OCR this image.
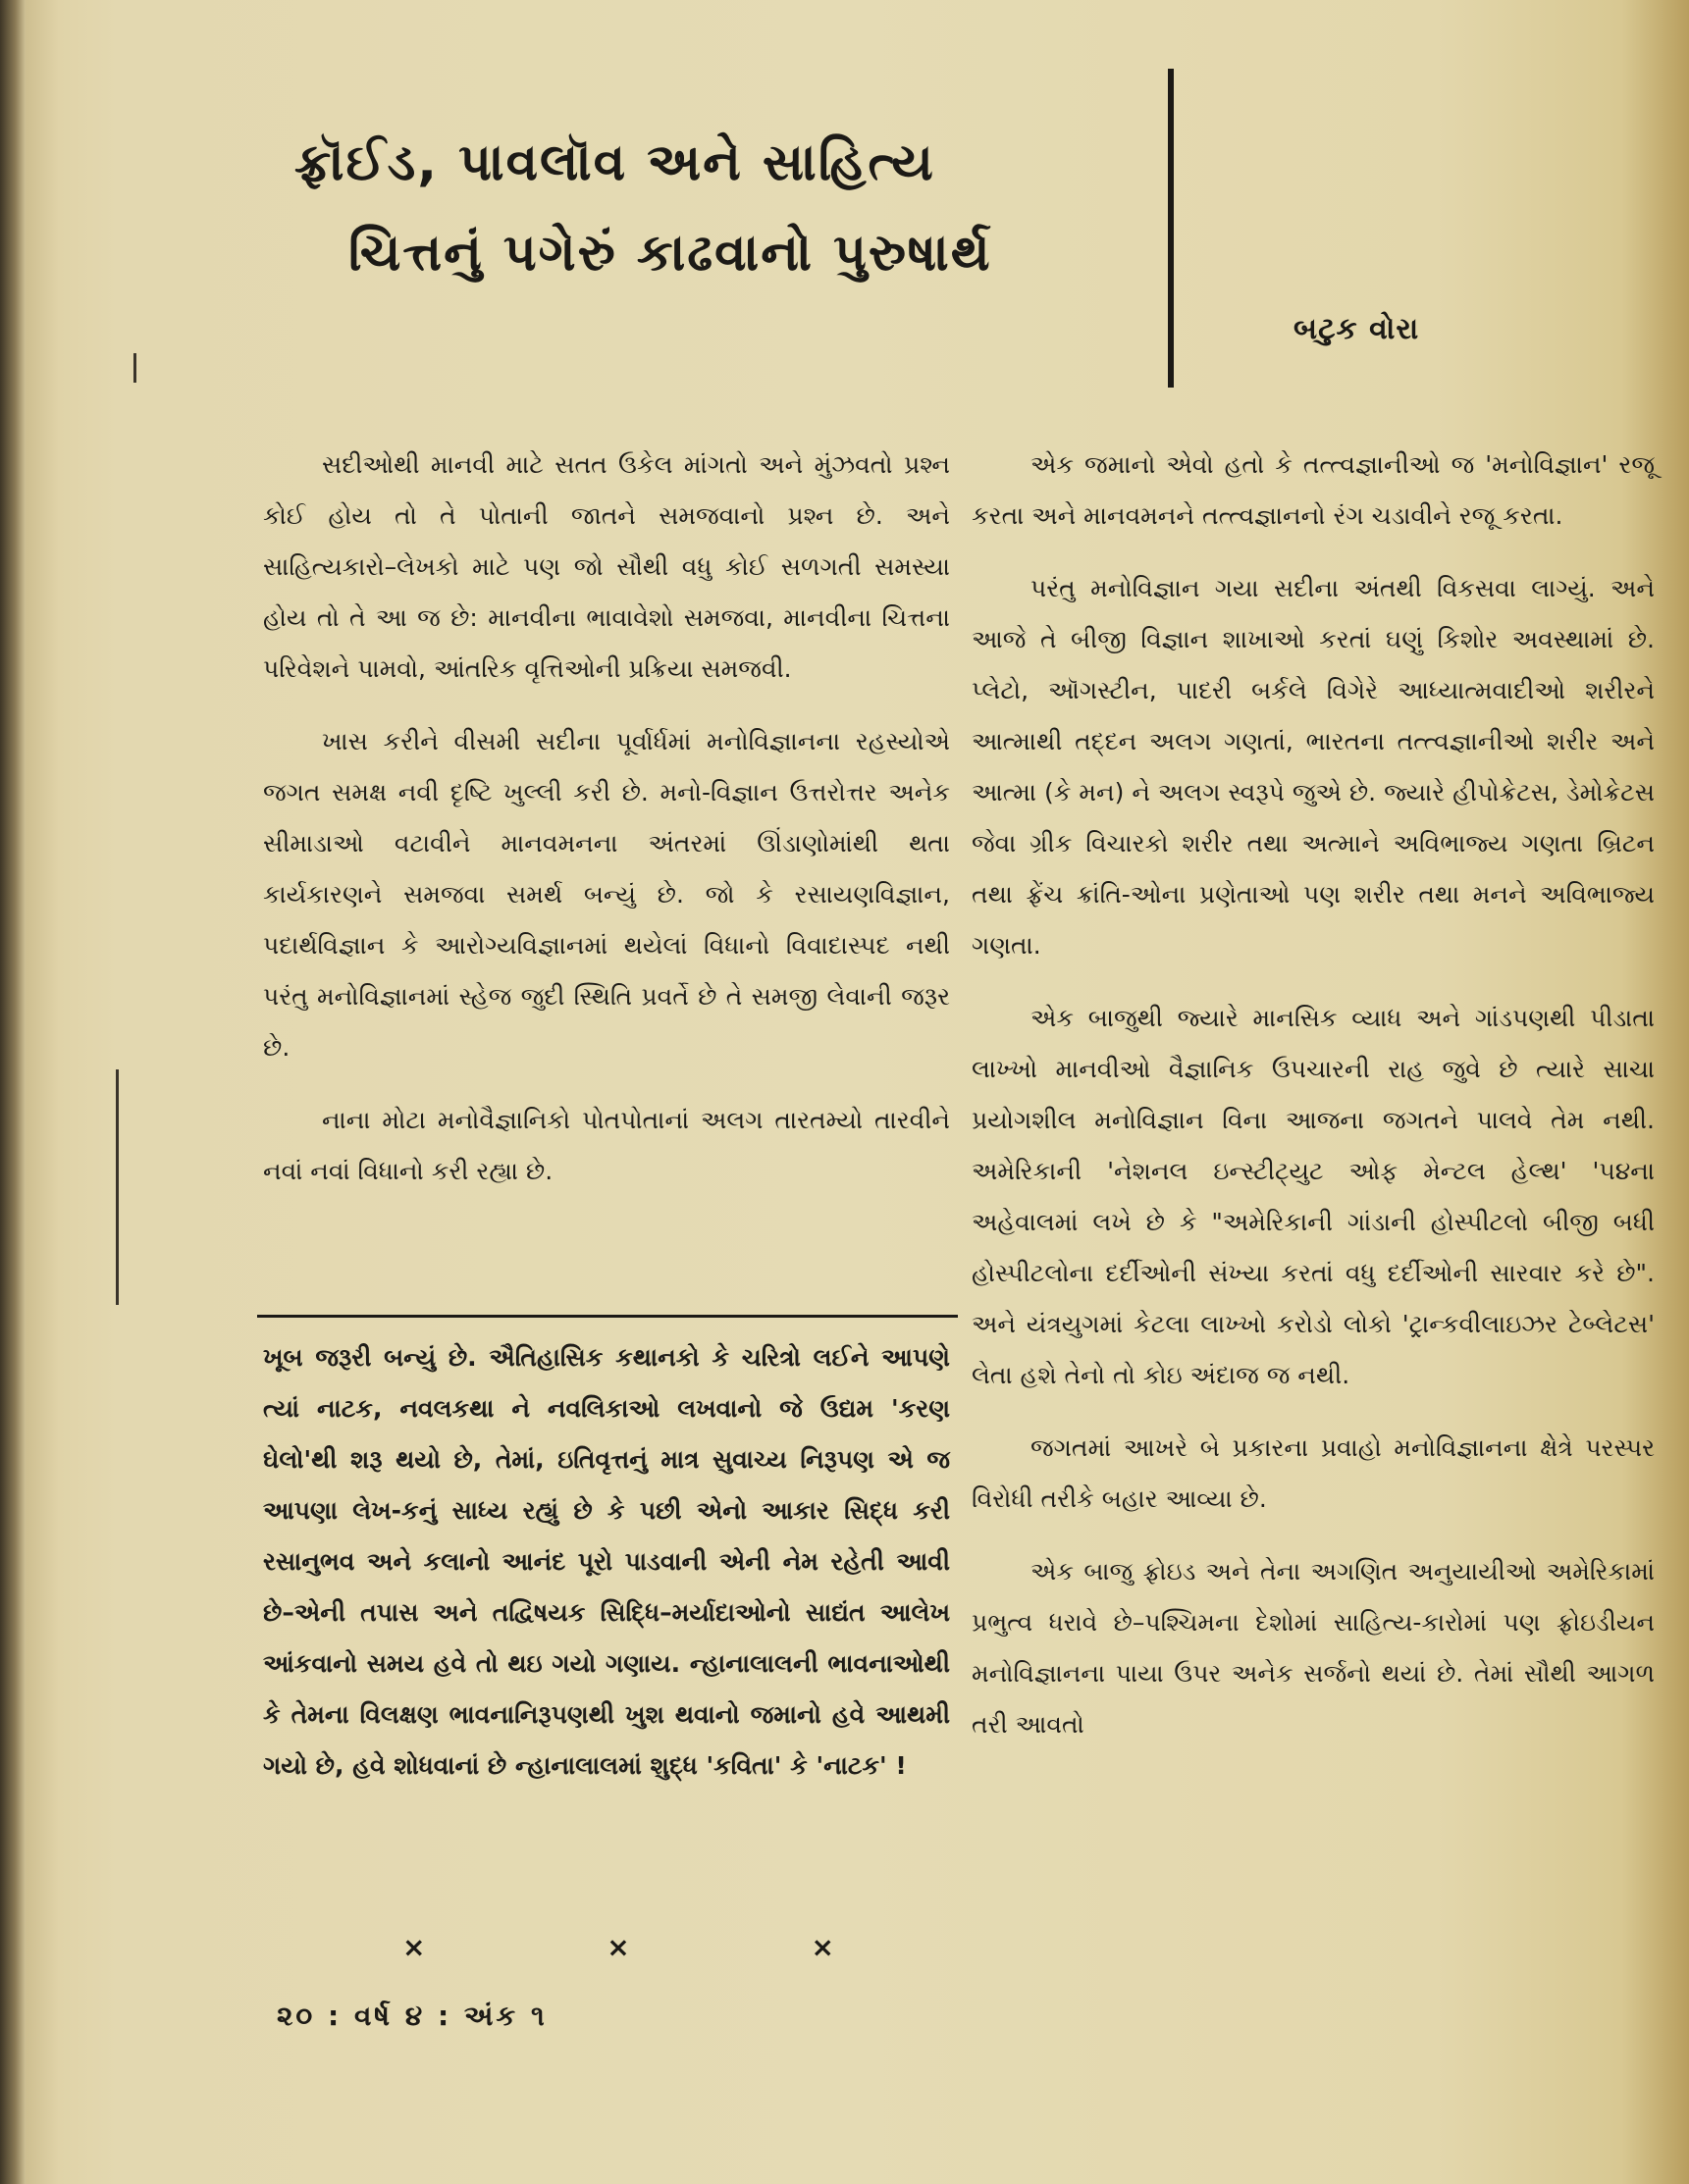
ફ્રૉઈડ, પાવલૉવ અને સાહિત્ય
ચિત્તનું પગેરું કાઢવાનો પુરુષાર્થ
બટુક વોરા

સદીઓથી માનવી માટે સતત ઉકેલ માંગતો અને મુંઝવતો પ્રશ્ન કોઈ હોય તો તે પોતાની જાતને સમજવાનો પ્રશ્ન છે. અને સાહિત્યકારો–લેખકો માટે પણ જો સૌથી વધુ કોઈ સળગતી સમસ્યા હોય તો તે આ જ છે: માનવીના ભાવાવેશો સમજવા, માનવીના ચિત્તના પરિવેશને પામવો, આંતરિક વૃત્તિઓની પ્રક્રિયા સમજવી.

ખાસ કરીને વીસમી સદીના પૂર્વાર્ધમાં મનોવિજ્ઞાનના રહસ્યોએ જગત સમક્ષ નવી દૃષ્ટિ ખુલ્લી કરી છે. મનો-વિજ્ઞાન ઉત્તરોત્તર અનેક સીમાડાઓ વટાવીને માનવમનના અંતરમાં ઊંડાણોમાંથી થતા કાર્યકારણને સમજવા સમર્થ બન્યું છે. જો કે રસાયણવિજ્ઞાન, પદાર્થવિજ્ઞાન કે આરોગ્યવિજ્ઞાનમાં થયેલાં વિધાનો વિવાદાસ્પદ નથી પરંતુ મનોવિજ્ઞાનમાં સ્હેજ જુદી સ્થિતિ પ્રવર્તે છે તે સમજી લેવાની જરૂર છે.

નાના મોટા મનોવૈજ્ઞાનિકો પોતપોતાનાં અલગ તારતમ્યો તારવીને નવાં નવાં વિધાનો કરી રહ્યા છે.

ખૂબ જરૂરી બન્યું છે. ઐતિહાસિક કથાનકો કે ચરિત્રો લઈને આપણે ત્યાં નાટક, નવલકથા ને નવલિકાઓ લખવાનો જે ઉદ્યમ 'કરણ ઘેલો'થી શરૂ થયો છે, તેમાં, ઇતિવૃત્તનું માત્ર સુવાચ્ય નિરૂપણ એ જ આપણા લેખ-કનું સાધ્ય રહ્યું છે કે પછી એનો આકાર સિદ્ધ કરી રસાનુભવ અને કલાનો આનંદ પૂરો પાડવાની એની નેમ રહેતી આવી છે–એની તપાસ અને તદ્વિષયક સિદ્ધિ–મર્યાદાઓનો સાદ્યંત આલેખ આંકવાનો સમય હવે તો થઇ ગયો ગણાય. ન્હાનાલાલની ભાવનાઓથી કે તેમના વિલક્ષણ ભાવનાનિરૂપણથી ખુશ થવાનો જમાનો હવે આથમી ગયો છે, હવે શોધવાનાં છે ન્હાનાલાલમાં શુદ્ધ 'કવિતા' કે 'નાટક' !

×	×	×

એક જમાનો એવો હતો કે તત્ત્વજ્ઞાનીઓ જ 'મનોવિજ્ઞાન' રજૂ કરતા અને માનવમનને તત્ત્વજ્ઞાનનો રંગ ચડાવીને રજૂ કરતા.

પરંતુ મનોવિજ્ઞાન ગયા સદીના અંતથી વિકસવા લાગ્યું. અને આજે તે બીજી વિજ્ઞાન શાખાઓ કરતાં ઘણું કિશોર અવસ્થામાં છે. પ્લેટો, ઑગસ્ટીન, પાદરી બર્કલે વિગેરે આધ્યાત્મવાદીઓ શરીરને આત્માથી તદ્દન અલગ ગણતાં, ભારતના તત્ત્વજ્ઞાનીઓ શરીર અને આત્મા (કે મન) ને અલગ સ્વરૂપે જુએ છે. જ્યારે હીપોક્રેટસ, ડેમોક્રેટસ જેવા ગ્રીક વિચારકો શરીર તથા અત્માને અવિભાજ્ય ગણતા બ્રિટન તથા ફ્રેંચ ક્રાંતિ-ઓના પ્રણેતાઓ પણ શરીર તથા મનને અવિભાજ્ય ગણતા.

એક બાજુથી જ્યારે માનસિક વ્યાધ અને ગાંડપણથી પીડાતા લાખ્ખો માનવીઓ વૈજ્ઞાનિક ઉપચારની રાહ જુવે છે ત્યારે સાચા પ્રયોગશીલ મનોવિજ્ઞાન વિના આજના જગતને પાલવે તેમ નથી. અમેરિકાની 'નેશનલ ઇન્સ્ટીટ્યુટ ઓફ મેન્ટલ હેલ્થ' '૫૪ના અહેવાલમાં લખે છે કે "અમેરિકાની ગાંડાની હોસ્પીટલો બીજી બધી હોસ્પીટલોના દર્દીઓની સંખ્યા કરતાં વધુ દર્દીઓની સારવાર કરે છે". અને યંત્રયુગમાં કેટલા લાખ્ખો કરોડો લોકો 'ટ્રાન્કવીલાઇઝર ટેબ્લેટસ' લેતા હશે તેનો તો કોઇ અંદાજ જ નથી.

જગતમાં આખરે બે પ્રકારના પ્રવાહો મનોવિજ્ઞાનના ક્ષેત્રે પરસ્પર વિરોધી તરીકે બહાર આવ્યા છે.

એક બાજુ ફ્રોઇડ અને તેના અગણિત અનુયાયીઓ અમેરિકામાં પ્રભુત્વ ધરાવે છે–પશ્ચિમના દેશોમાં સાહિત્ય-કારોમાં પણ ફ્રોઇડીયન મનોવિજ્ઞાનના પાયા ઉપર અનેક સર્જનો થયાં છે. તેમાં સૌથી આગળ તરી આવતો

૨૦ : વર્ષ ૪ : અંક ૧
